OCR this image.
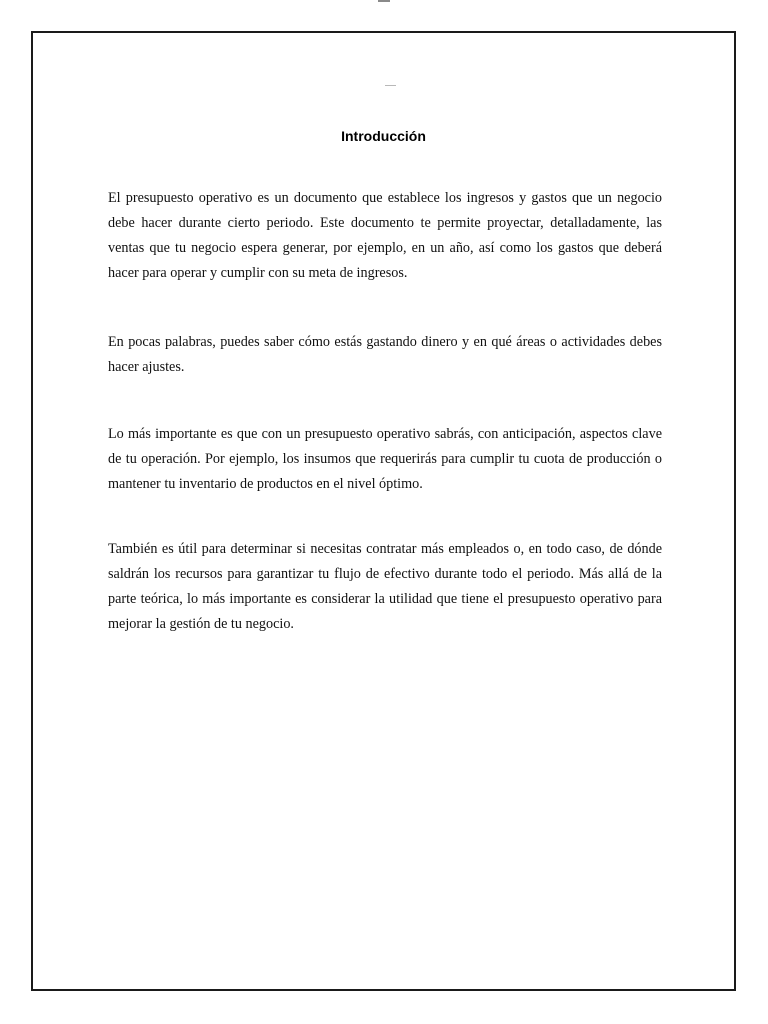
Introducción

El presupuesto operativo es un documento que establece los ingresos y gastos que un negocio debe hacer durante cierto periodo. Este documento te permite proyectar, detalladamente, las ventas que tu negocio espera generar, por ejemplo, en un año, así como los gastos que deberá hacer para operar y cumplir con su meta de ingresos.

En pocas palabras, puedes saber cómo estás gastando dinero y en qué áreas o actividades debes hacer ajustes.

Lo más importante es que con un presupuesto operativo sabrás, con anticipación, aspectos clave de tu operación. Por ejemplo, los insumos que requerirás para cumplir tu cuota de producción o mantener tu inventario de productos en el nivel óptimo.

También es útil para determinar si necesitas contratar más empleados o, en todo caso, de dónde saldrán los recursos para garantizar tu flujo de efectivo durante todo el periodo. Más allá de la parte teórica, lo más importante es considerar la utilidad que tiene el presupuesto operativo para mejorar la gestión de tu negocio.
